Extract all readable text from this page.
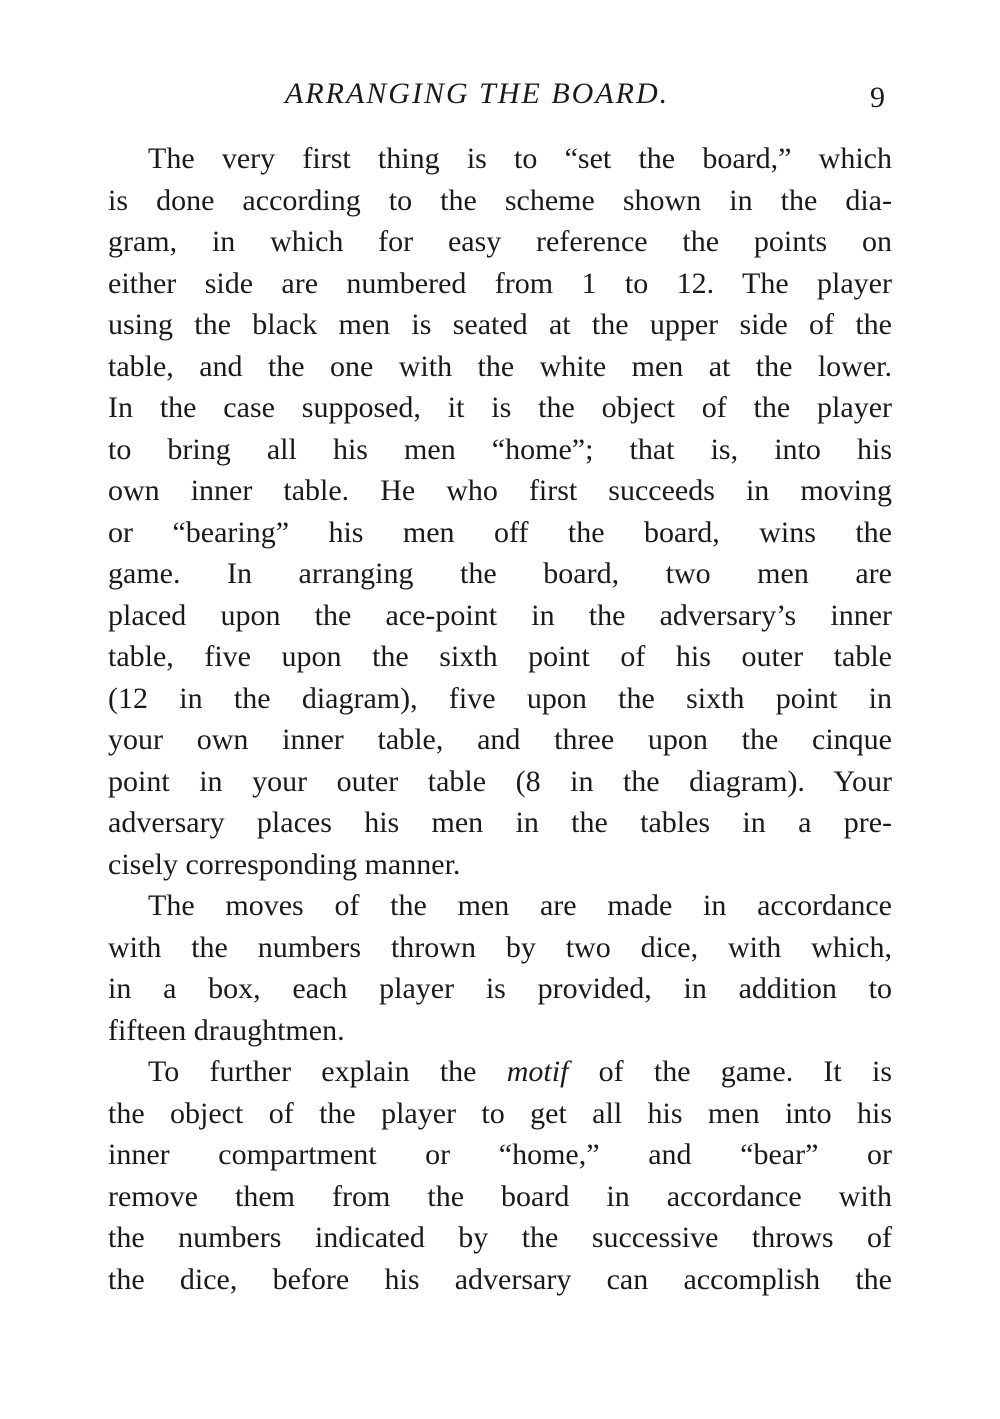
ARRANGING THE BOARD.	9
The very first thing is to “set the board,” which
is done according to the scheme shown in the dia-
gram, in which for easy reference the points on
either side are numbered from 1 to 12. The player
using the black men is seated at the upper side of the
table, and the one with the white men at the lower.
In the case supposed, it is the object of the player
to bring all his men “home”; that is, into his
own inner table. He who first succeeds in moving
or “bearing” his men off the board, wins the
game. In arranging the board, two men are
placed upon the ace-point in the adversary’s inner
table, five upon the sixth point of his outer table
(12 in the diagram), five upon the sixth point in
your own inner table, and three upon the cinque
point in your outer table (8 in the diagram). Your
adversary places his men in the tables in a pre-
cisely corresponding manner.
The moves of the men are made in accordance
with the numbers thrown by two dice, with which,
in a box, each player is provided, in addition to
fifteen draughtmen.
To further explain the motif of the game. It is
the object of the player to get all his men into his
inner compartment or “home,” and “bear” or
remove them from the board in accordance with
the numbers indicated by the successive throws of
the dice, before his adversary can accomplish the
